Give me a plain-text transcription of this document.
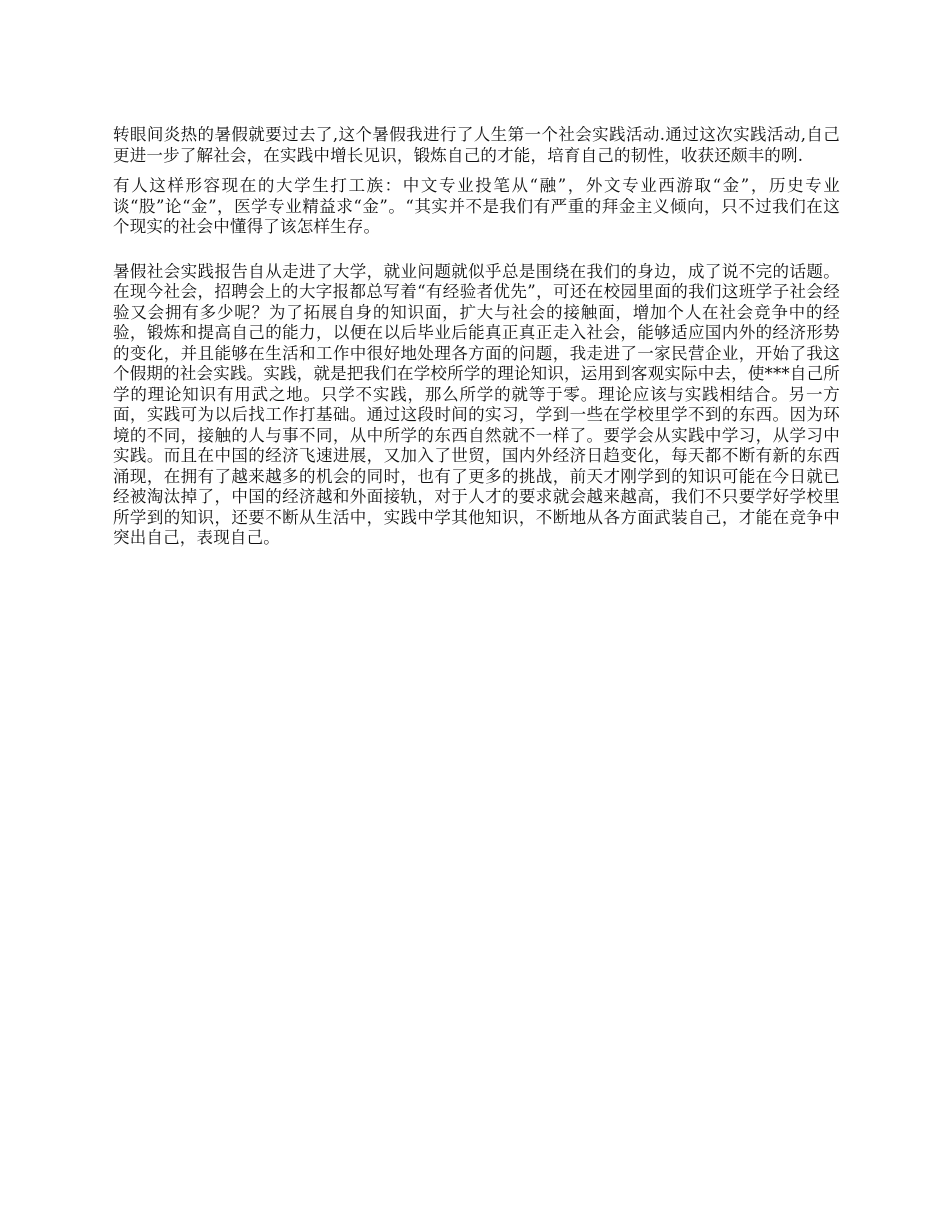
转眼间炎热的暑假就要过去了,这个暑假我进行了人生第一个社会实践活动.通过这次实践活动,自己更进一步了解社会，在实践中增长见识，锻炼自己的才能，培育自己的韧性，收获还颇丰的咧.

有人这样形容现在的大学生打工族：中文专业投笔从“融”，外文专业西游取“金”，历史专业谈“股”论“金”，医学专业精益求“金”。“其实并不是我们有严重的拜金主义倾向，只不过我们在这个现实的社会中懂得了该怎样生存。

暑假社会实践报告自从走进了大学，就业问题就似乎总是围绕在我们的身边，成了说不完的话题。在现今社会，招聘会上的大字报都总写着“有经验者优先”，可还在校园里面的我们这班学子社会经验又会拥有多少呢？为了拓展自身的知识面，扩大与社会的接触面，增加个人在社会竞争中的经验，锻炼和提高自己的能力，以便在以后毕业后能真正真正走入社会，能够适应国内外的经济形势的变化，并且能够在生活和工作中很好地处理各方面的问题，我走进了一家民营企业，开始了我这个假期的社会实践。实践，就是把我们在学校所学的理论知识，运用到客观实际中去，使***自己所学的理论知识有用武之地。只学不实践，那么所学的就等于零。理论应该与实践相结合。另一方面，实践可为以后找工作打基础。通过这段时间的实习，学到一些在学校里学不到的东西。因为环境的不同，接触的人与事不同，从中所学的东西自然就不一样了。要学会从实践中学习，从学习中实践。而且在中国的经济飞速进展，又加入了世贸，国内外经济日趋变化，每天都不断有新的东西涌现，在拥有了越来越多的机会的同时，也有了更多的挑战，前天才刚学到的知识可能在今日就已经被淘汰掉了，中国的经济越和外面接轨，对于人才的要求就会越来越高，我们不只要学好学校里所学到的知识，还要不断从生活中，实践中学其他知识，不断地从各方面武装自己，才能在竞争中突出自己，表现自己。
